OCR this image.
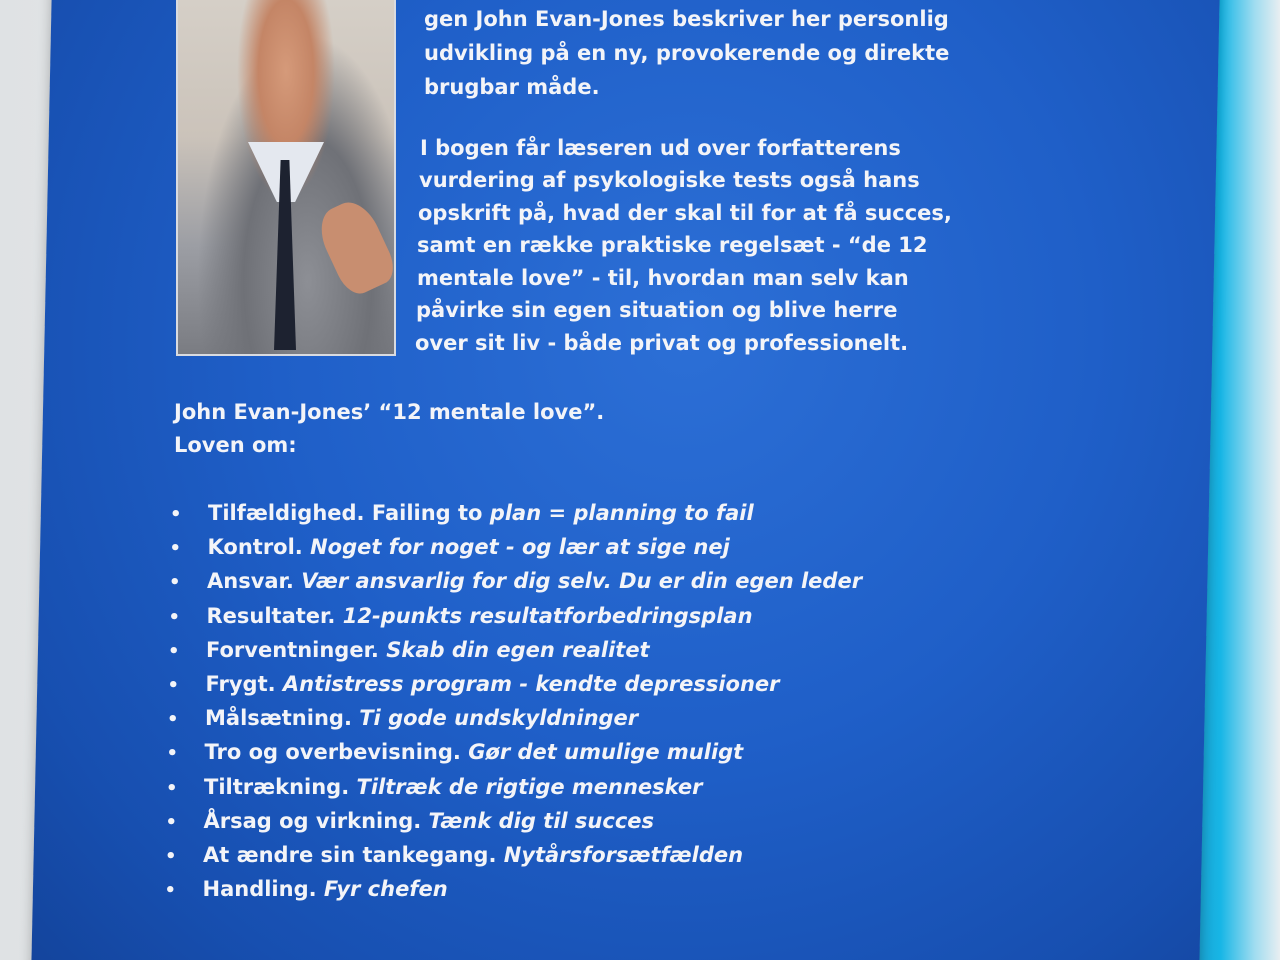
gen John Evan-Jones beskriver her personlig

udvikling på en ny, provokerende og direkte

brugbar måde.

I bogen får læseren ud over forfatterens

vurdering af psykologiske tests også hans

opskrift på, hvad der skal til for at få succes,

samt en række praktiske regelsæt - “de 12

mentale love” - til, hvordan man selv kan

påvirke sin egen situation og blive herre

over sit liv - både privat og professionelt.

John Evan-Jones’ “12 mentale love”.
Loven om:
• Tilfældighed. Failing to plan = planning to fail
• Kontrol. Noget for noget - og lær at sige nej
• Ansvar. Vær ansvarlig for dig selv. Du er din egen leder
• Resultater. 12-punkts resultatforbedringsplan
• Forventninger. Skab din egen realitet
• Frygt. Antistress program - kendte depressioner
• Målsætning. Ti gode undskyldninger
• Tro og overbevisning. Gør det umulige muligt
• Tiltrækning. Tiltræk de rigtige mennesker
• Årsag og virkning. Tænk dig til succes
• At ændre sin tankegang. Nytårsforsætfælden
• Handling. Fyr chefen
